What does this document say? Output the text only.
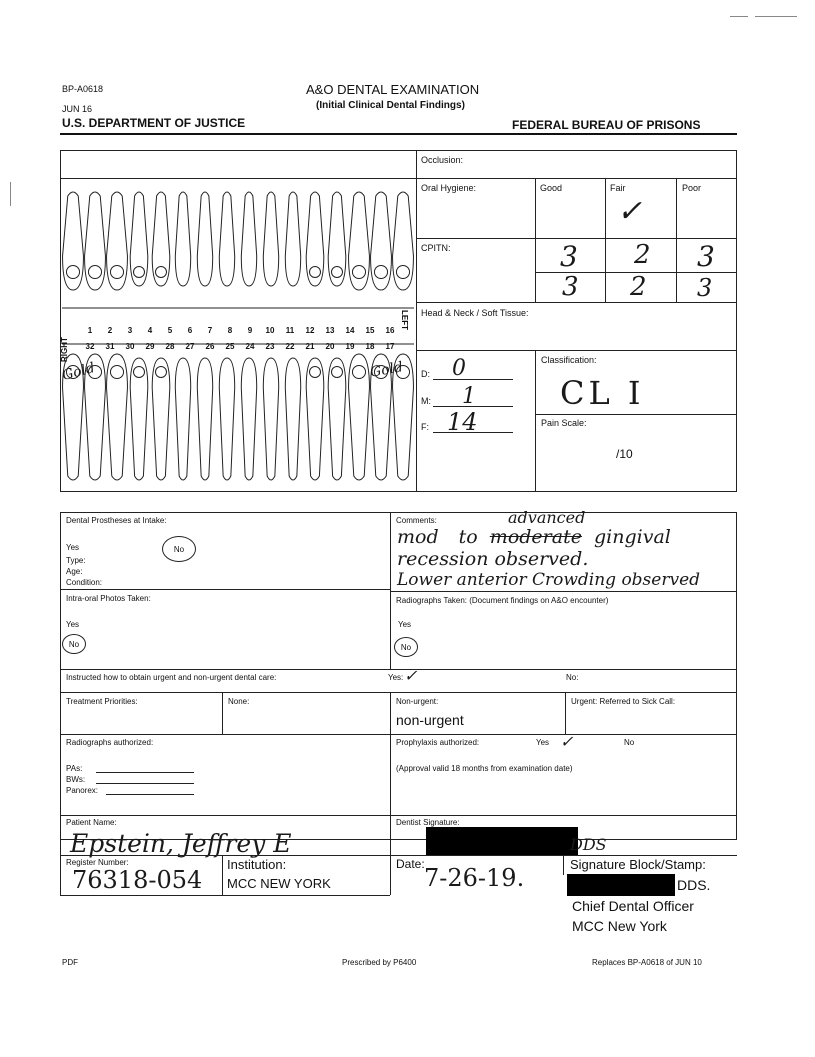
BP-A0618
JUN 16
U.S. DEPARTMENT OF JUSTICE
A&O DENTAL EXAMINATION
(Initial Clinical Dental Findings)
FEDERAL BUREAU OF PRISONS
RIGHT
LEFT
1	2	3	4	5	6	7	8	9	10	11	12	13	14	15	16
32	31	30	29	28	27	26	25	24	23	22	21	20	19	18	17
Gold	Gold
Occlusion:
Oral Hygiene:	Good	Fair	Poor
✓
CPITN:	3 2 3
3 2 3
Head & Neck / Soft Tissue:
D: 0
M: 1
F: 14
Classification:
CL I
Pain Scale:
/10
Dental Prostheses at Intake:
Yes	No
Type:
Age:
Condition:
Comments:	advanced
mod to moderate gingival
recession observed.
Lower anterior Crowding observed
Intra-oral Photos Taken:
Yes
No
Radiographs Taken: (Document findings on A&O encounter)
Yes
No
Instructed how to obtain urgent and non-urgent dental care:	Yes: ✓	No:
Treatment Priorities:	None:	Non-urgent:
non-urgent
Urgent: Referred to Sick Call:
Radiographs authorized:
PAs:
BWs:
Panorex:
Prophylaxis authorized:	Yes ✓	No
(Approval valid 18 months from examination date)
Patient Name:
Epstein, Jeffrey E
Dentist Signature:
DDS
Register Number:
76318-054
Institution:
MCC NEW YORK
Date: 7-26-19.	Signature Block/Stamp:
DDS.
Chief Dental Officer
MCC New York
PDF	Prescribed by P6400	Replaces BP-A0618 of JUN 10
